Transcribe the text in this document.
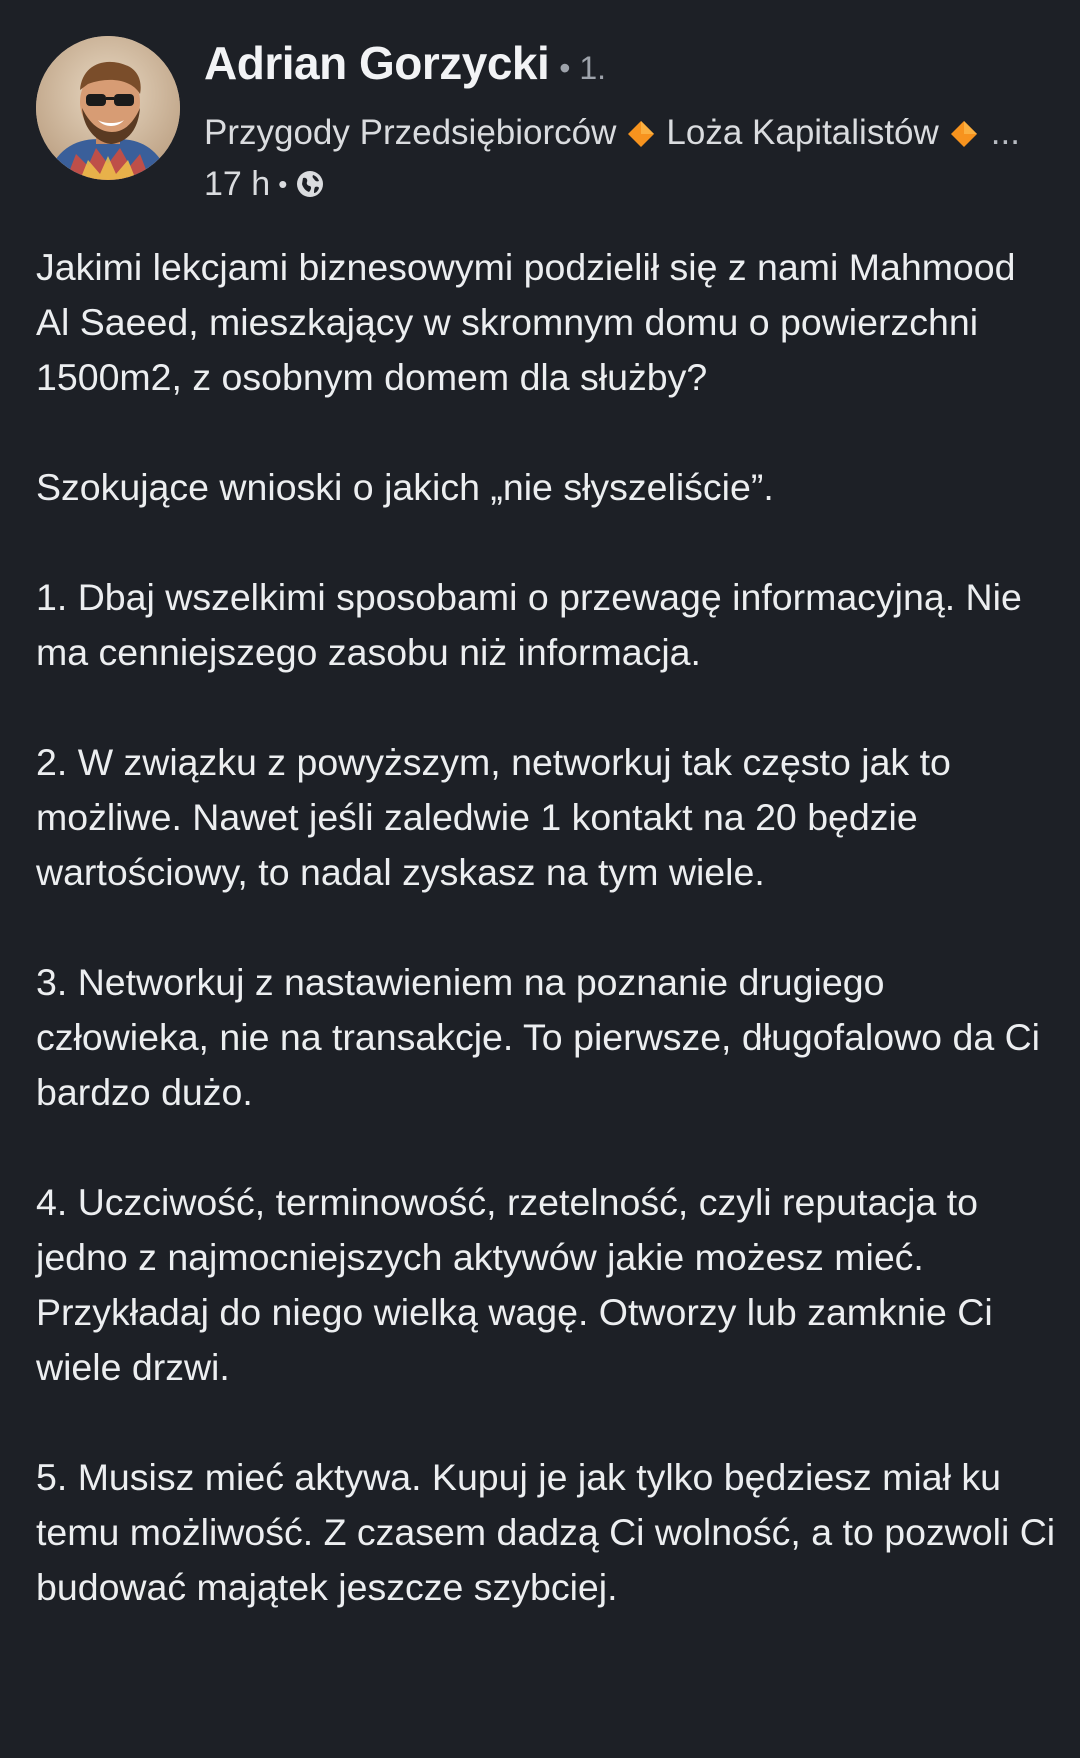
Adrian Gorzycki • 1.
Przygody Przedsiębiorców Loża Kapitalistów ...
17 h •

Jakimi lekcjami biznesowymi podzielił się z nami Mahmood Al Saeed, mieszkający w skromnym domu o powierzchni 1500m2, z osobnym domem dla służby?

Szokujące wnioski o jakich „nie słyszeliście”.

1. Dbaj wszelkimi sposobami o przewagę informacyjną. Nie ma cenniejszego zasobu niż informacja.

2. W związku z powyższym, networkuj tak często jak to możliwe. Nawet jeśli zaledwie 1 kontakt na 20 będzie wartościowy, to nadal zyskasz na tym wiele.

3. Networkuj z nastawieniem na poznanie drugiego człowieka, nie na transakcje. To pierwsze, długofalowo da Ci bardzo dużo.

4. Uczciwość, terminowość, rzetelność, czyli reputacja to jedno z najmocniejszych aktywów jakie możesz mieć. Przykładaj do niego wielką wagę. Otworzy lub zamknie Ci wiele drzwi.

5. Musisz mieć aktywa. Kupuj je jak tylko będziesz miał ku temu możliwość. Z czasem dadzą Ci wolność, a to pozwoli Ci budować majątek jeszcze szybciej.
